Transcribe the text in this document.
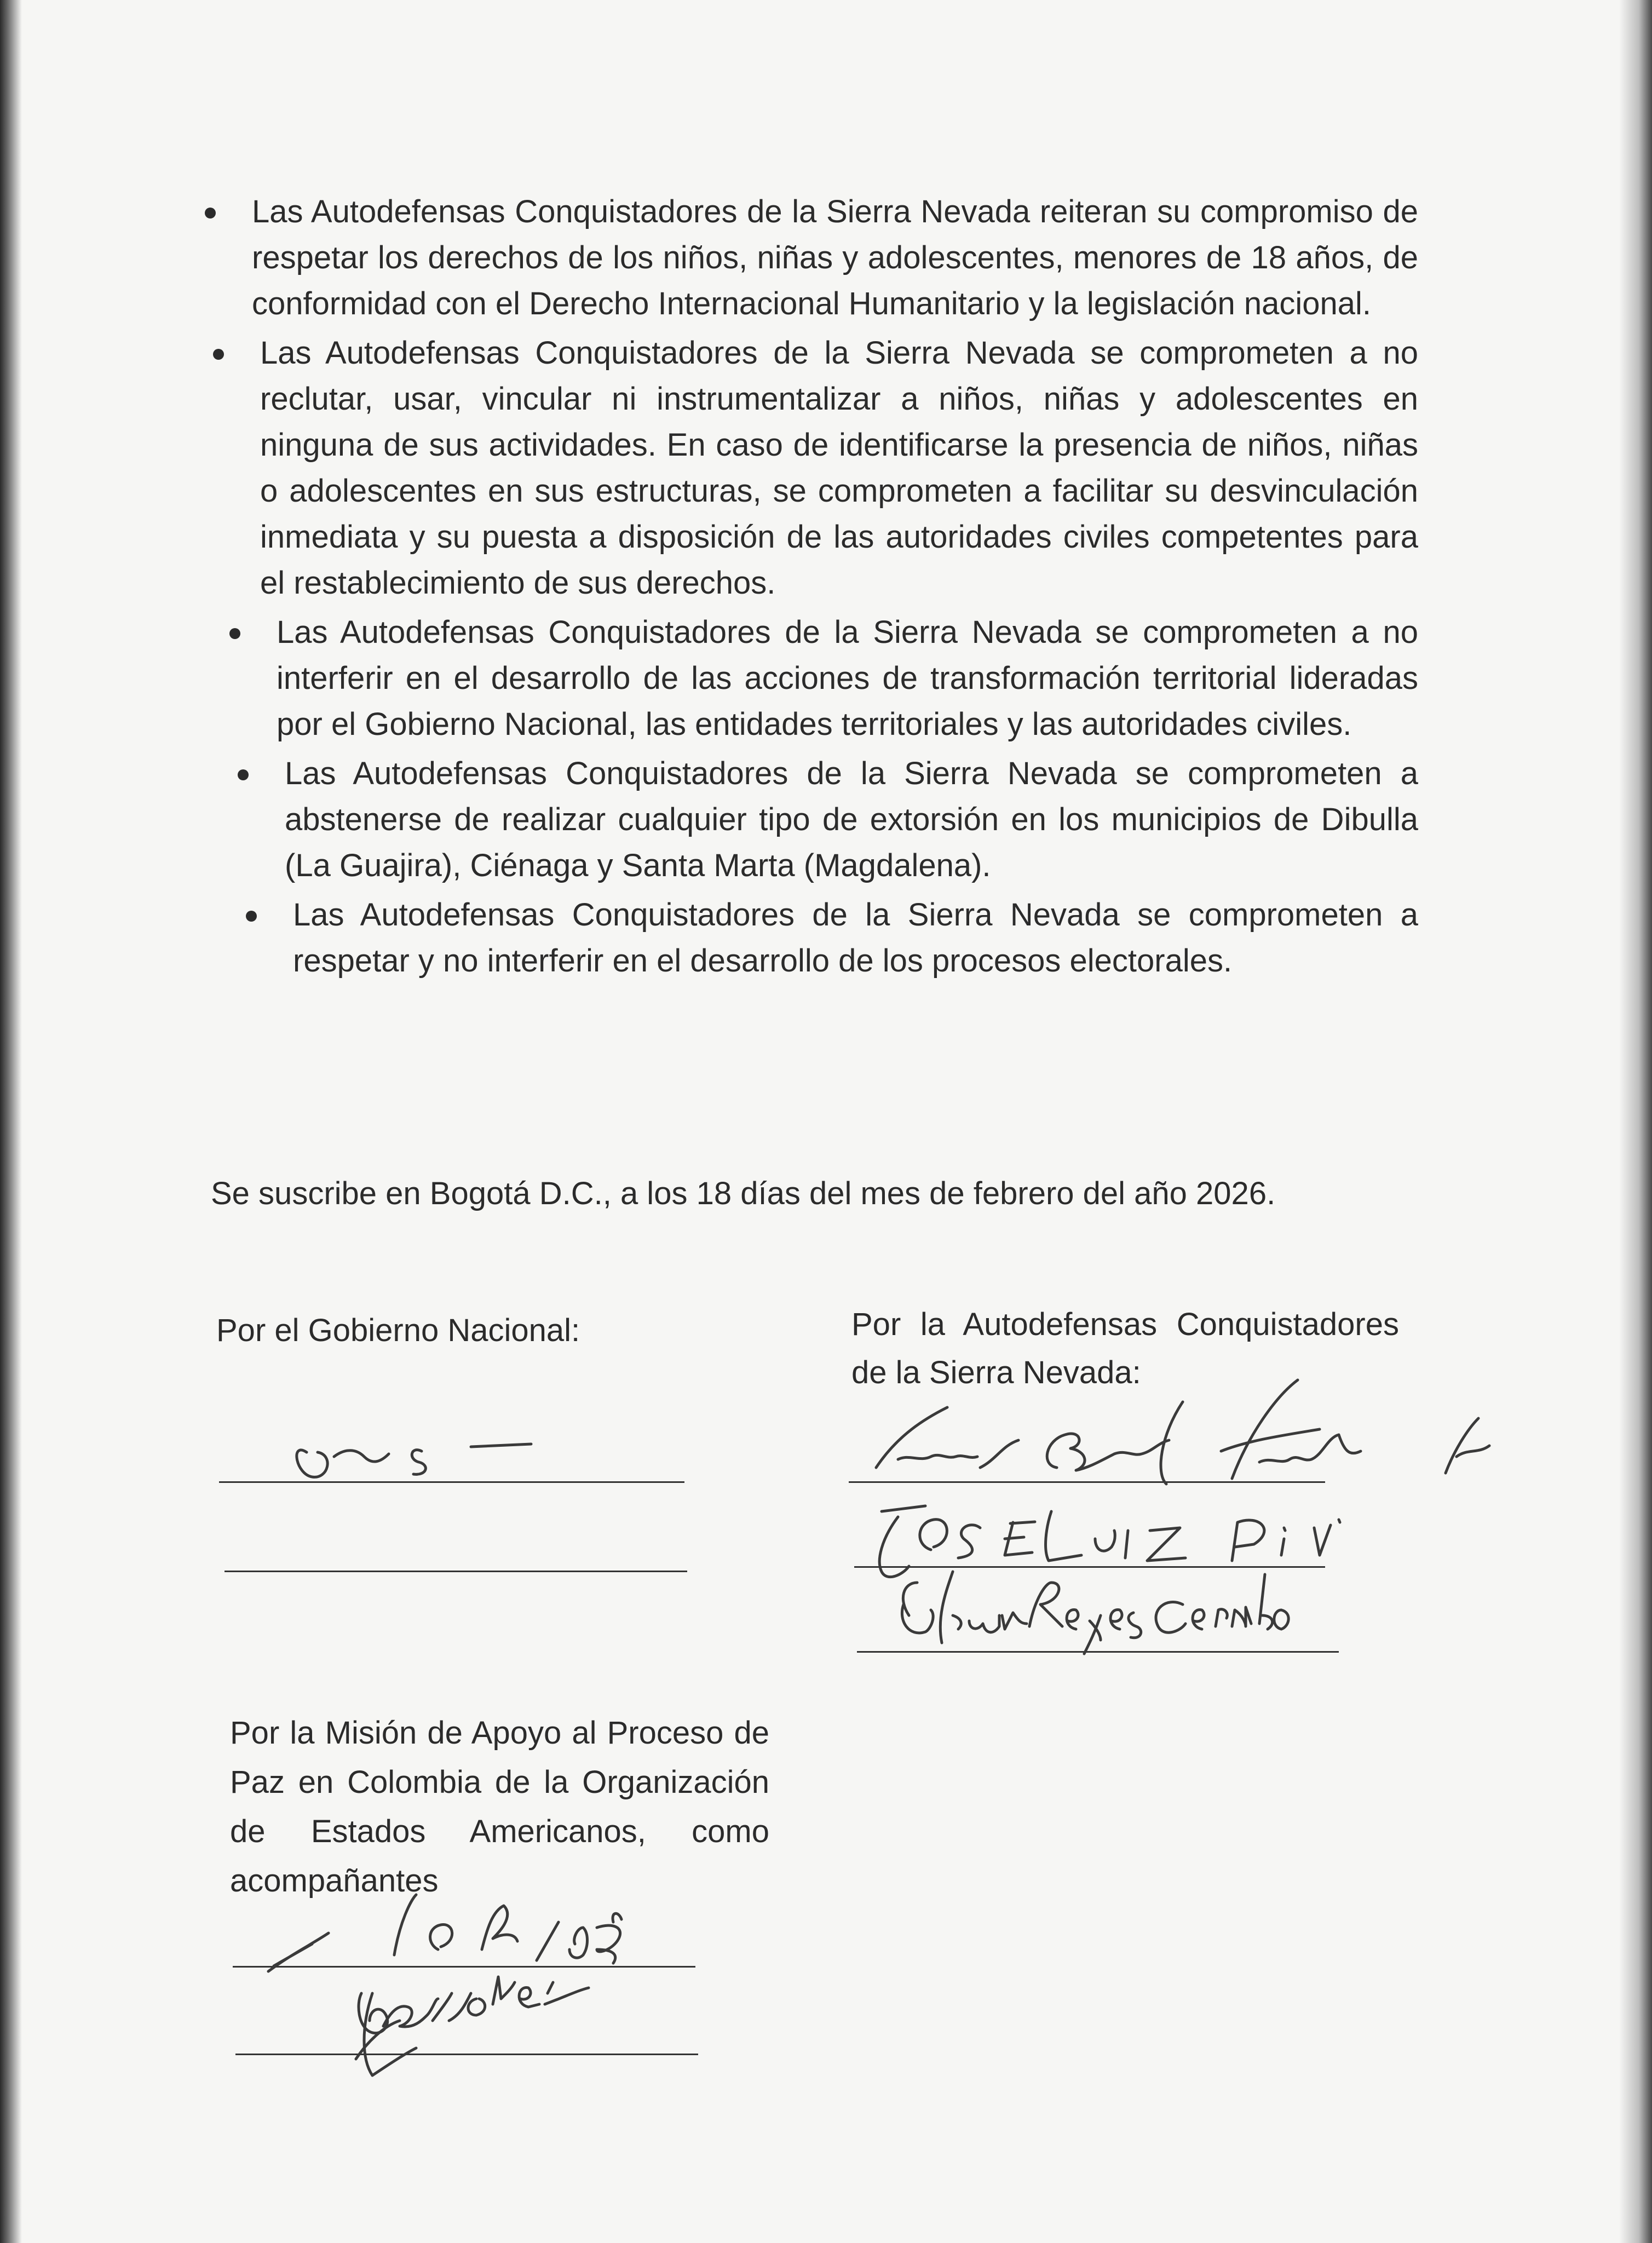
Las Autodefensas Conquistadores de la Sierra Nevada reiteran su compromiso de respetar los derechos de los niños, niñas y adolescentes, menores de 18 años, de conformidad con el Derecho Internacional Humanitario y la legislación nacional.
Las Autodefensas Conquistadores de la Sierra Nevada se comprometen a no reclutar, usar, vincular ni instrumentalizar a niños, niñas y adolescentes en ninguna de sus actividades. En caso de identificarse la presencia de niños, niñas o adolescentes en sus estructuras, se comprometen a facilitar su desvinculación inmediata y su puesta a disposición de las autoridades civiles competentes para el restablecimiento de sus derechos.
Las Autodefensas Conquistadores de la Sierra Nevada se comprometen a no interferir en el desarrollo de las acciones de transformación territorial lideradas por el Gobierno Nacional, las entidades territoriales y las autoridades civiles.
Las Autodefensas Conquistadores de la Sierra Nevada se comprometen a abstenerse de realizar cualquier tipo de extorsión en los municipios de Dibulla (La Guajira), Ciénaga y Santa Marta (Magdalena).
Las Autodefensas Conquistadores de la Sierra Nevada se comprometen a respetar y no interferir en el desarrollo de los procesos electorales.
Se suscribe en Bogotá D.C., a los 18 días del mes de febrero del año 2026.
Por el Gobierno Nacional:	Por la Autodefensas Conquistadores de la Sierra Nevada:
Por la Misión de Apoyo al Proceso de Paz en Colombia de la Organización de Estados Americanos, como acompañantes
